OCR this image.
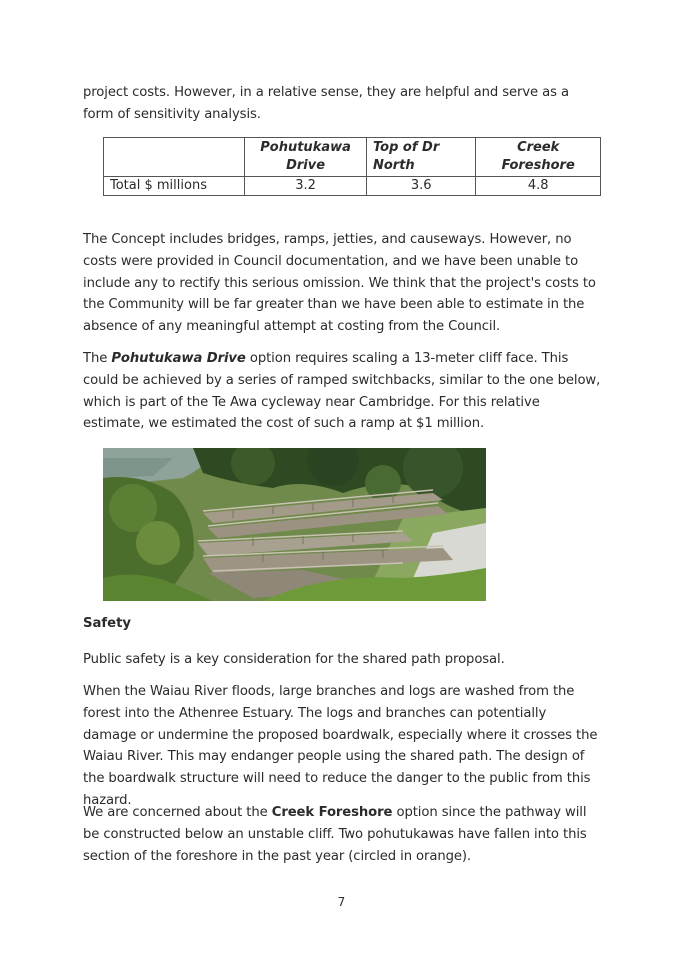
project costs. However, in a relative sense, they are helpful and serve as a form of sensitivity analysis.

	Pohutukawa Drive	Top of Dr North	Creek Foreshore
Total $ millions	3.2	3.6	4.8

The Concept includes bridges, ramps, jetties, and causeways. However, no costs were provided in Council documentation, and we have been unable to include any to rectify this serious omission. We think that the project's costs to the Community will be far greater than we have been able to estimate in the absence of any meaningful attempt at costing from the Council.

The Pohutukawa Drive option requires scaling a 13-meter cliff face. This could be achieved by a series of ramped switchbacks, similar to the one below, which is part of the Te Awa cycleway near Cambridge. For this relative estimate, we estimated the cost of such a ramp at $1 million.

Safety

Public safety is a key consideration for the shared path proposal.

When the Waiau River floods, large branches and logs are washed from the forest into the Athenree Estuary. The logs and branches can potentially damage or undermine the proposed boardwalk, especially where it crosses the Waiau River. This may endanger people using the shared path. The design of the boardwalk structure will need to reduce the danger to the public from this hazard.

We are concerned about the Creek Foreshore option since the pathway will be constructed below an unstable cliff. Two pohutukawas have fallen into this section of the foreshore in the past year (circled in orange).

7
